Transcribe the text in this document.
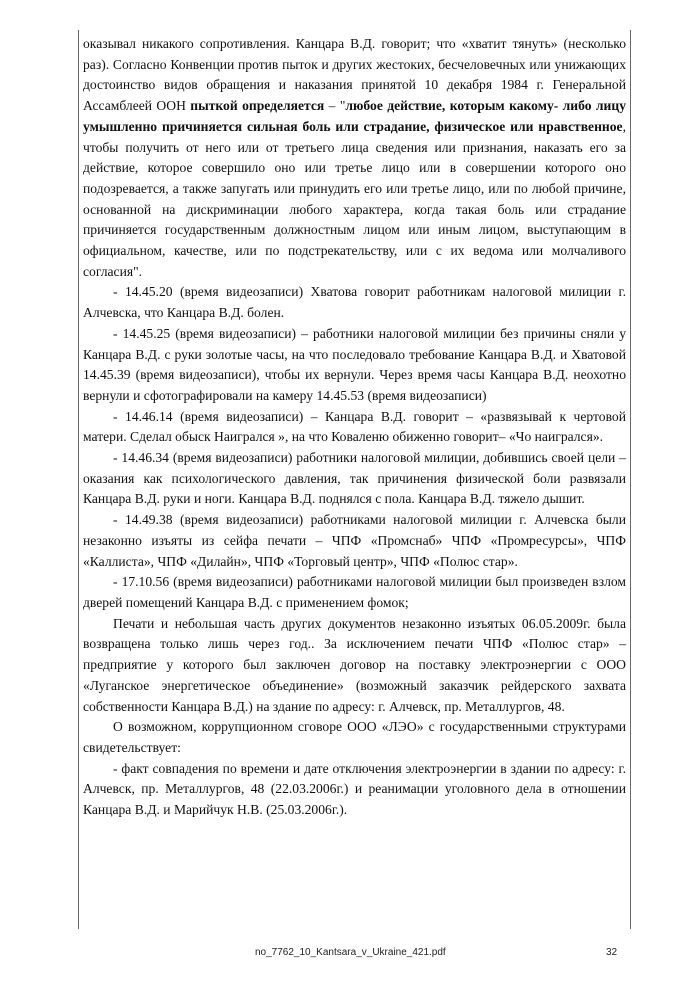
оказывал никакого сопротивления. Канцара В.Д. говорит; что «хватит тянуть» (несколько раз). Согласно Конвенции против пыток и других жестоких, бесчеловечных или унижающих достоинство видов обращения и наказания принятой 10 декабря 1984 г. Генеральной Ассамблеей ООН пыткой определяется – "любое действие, которым какому- либо лицу умышленно причиняется сильная боль или страдание, физическое или нравственное, чтобы получить от него или от третьего лица сведения или признания, наказать его за действие, которое совершило оно или третье лицо или в совершении которого оно подозревается, а также запугать или принудить его или третье лицо, или по любой причине, основанной на дискриминации любого характера, когда такая боль или страдание причиняется государственным должностным лицом или иным лицом, выступающим в официальном, качестве, или по подстрекательству, или с их ведома или молчаливого согласия".

- 14.45.20 (время видеозаписи) Хватова говорит работникам налоговой милиции г. Алчевска, что Канцара В.Д. болен.

- 14.45.25 (время видеозаписи) – работники налоговой милиции без причины сняли у Канцара В.Д. с руки золотые часы, на что последовало требование Канцара В.Д. и Хватовой 14.45.39 (время видеозаписи), чтобы их вернули. Через время часы Канцара В.Д. неохотно вернули и сфотографировали на камеру 14.45.53 (время видеозаписи)

- 14.46.14 (время видеозаписи) – Канцара В.Д. говорит – «развязывай к чертовой матери. Сделал обыск Наигрался », на что Коваленю обиженно говорит– «Чо наигрался».

- 14.46.34 (время видеозаписи) работники налоговой милиции, добившись своей цели – оказания как психологического давления, так причинения физической боли развязали Канцара В.Д. руки и ноги. Канцара В.Д. поднялся с пола. Канцара В.Д. тяжело дышит.

- 14.49.38 (время видеозаписи) работниками налоговой милиции г. Алчевска были незаконно изъяты из сейфа печати – ЧПФ «Промснаб» ЧПФ «Промресурсы», ЧПФ «Каллиста», ЧПФ «Дилайн», ЧПФ «Торговый центр», ЧПФ «Полюс стар».

- 17.10.56 (время видеозаписи) работниками налоговой милиции был произведен взлом дверей помещений Канцара В.Д. с применением фомок;

Печати и небольшая часть других документов незаконно изъятых 06.05.2009г. была возвращена только лишь через год.. За исключением печати ЧПФ «Полюс стар» – предприятие у которого был заключен договор на поставку электроэнергии с ООО «Луганское энергетическое объединение» (возможный заказчик рейдерского захвата собственности Канцара В.Д.) на здание по адресу: г. Алчевск, пр. Металлургов, 48.

О возможном, коррупционном сговоре ООО «ЛЭО» с государственными структурами свидетельствует:

- факт совпадения по времени и дате отключения электроэнергии в здании по адресу: г. Алчевск, пр. Металлургов, 48 (22.03.2006г.) и реанимации уголовного дела в отношении Канцара В.Д. и Марийчук Н.В. (25.03.2006г.).

no_7762_10_Kantsara_v_Ukraine_421.pdf	32
